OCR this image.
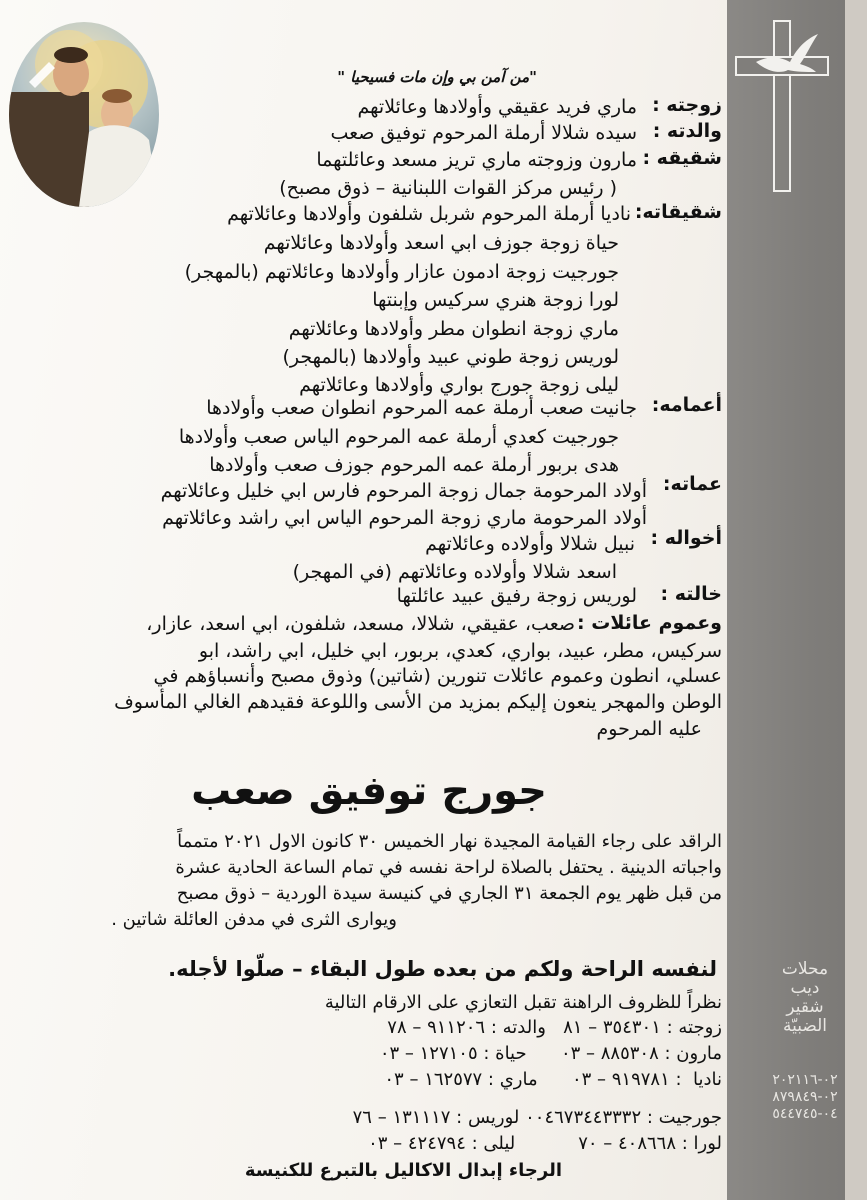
محلات
ديب
شقير
الضبيّة
٠٢-٢٠٢١١٦
٠٢-٨٧٩٨٤٩
٠٤-٥٤٤٧٤٥
"من آمن بي وإن مات فسيحيا "
زوجته :
ماري فريد عقيقي وأولادها وعائلاتهم
والدته :
سيده شلالا أرملة المرحوم توفيق صعب
شقيقه :
مارون وزوجته ماري تريز مسعد وعائلتهما
( رئيس مركز القوات اللبنانية – ذوق مصبح)
شقيقاته:
ناديا أرملة المرحوم شربل شلفون وأولادها وعائلاتهم
حياة زوجة جوزف ابي اسعد وأولادها وعائلاتهم
جورجيت زوجة ادمون عازار وأولادها وعائلاتهم (بالمهجر)
لورا زوجة هنري سركيس وإبنتها
ماري زوجة انطوان مطر وأولادها وعائلاتهم
لوريس زوجة طوني عبيد وأولادها (بالمهجر)
ليلى زوجة جورج بواري وأولادها وعائلاتهم
أعمامه:
جانيت صعب أرملة عمه المرحوم انطوان صعب وأولادها
جورجيت كعدي أرملة عمه المرحوم الياس صعب وأولادها
هدى بربور أرملة عمه المرحوم جوزف صعب وأولادها
عماته:
أولاد المرحومة جمال زوجة المرحوم فارس ابي خليل وعائلاتهم
أولاد المرحومة ماري زوجة المرحوم الياس ابي راشد وعائلاتهم
أخواله :
نبيل شلالا وأولاده وعائلاتهم
اسعد شلالا وأولاده وعائلاتهم (في المهجر)
خالته :
لوريس زوجة رفيق عبيد عائلتها
وعموم عائلات :
صعب، عقيقي، شلالا، مسعد، شلفون، ابي اسعد، عازار،
سركيس، مطر، عبيد، بواري، كعدي، بربور، ابي خليل، ابي راشد، ابو
عسلي، انطون وعموم عائلات تنورين (شاتين) وذوق مصبح وأنسباؤهم في
الوطن والمهجر ينعون إليكم بمزيد من الأسى واللوعة فقيدهم الغالي المأسوف
عليه المرحوم
جورج توفيق صعب
الراقد على رجاء القيامة المجيدة نهار الخميس ٣٠ كانون الاول ٢٠٢١ متمماً
واجباته الدينية . يحتفل بالصلاة لراحة نفسه في تمام الساعة الحادية عشرة
من قبل ظهر يوم الجمعة ٣١ الجاري في كنيسة سيدة الوردية – ذوق مصبح
ويوارى الثرى في مدفن العائلة شاتين .
لنفسه الراحة ولكم من بعده طول البقاء – صلّوا لأجله.
نظراً للظروف الراهنة تقبل التعازي على الارقام التالية
زوجته : ٣٥٤٣٠١ – ٨١   والدته : ٩١١٢٠٦ – ٧٨
مارون : ٨٨٥٣٠٨ – ٠٣      حياة : ١٢٧١٠٥ – ٠٣
ناديا  : ٩١٩٧٨١ – ٠٣      ماري : ١٦٢٥٧٧ – ٠٣
جورجيت : ٠٠٤٦٧٣٤٤٣٣٣٢ لوريس : ١٣١١١٧ – ٧٦
لورا : ٤٠٨٦٦٨ – ٧٠           ليلى : ٤٢٤٧٩٤ – ٠٣
الرجاء إبدال الاكاليل بالتبرع للكنيسة
